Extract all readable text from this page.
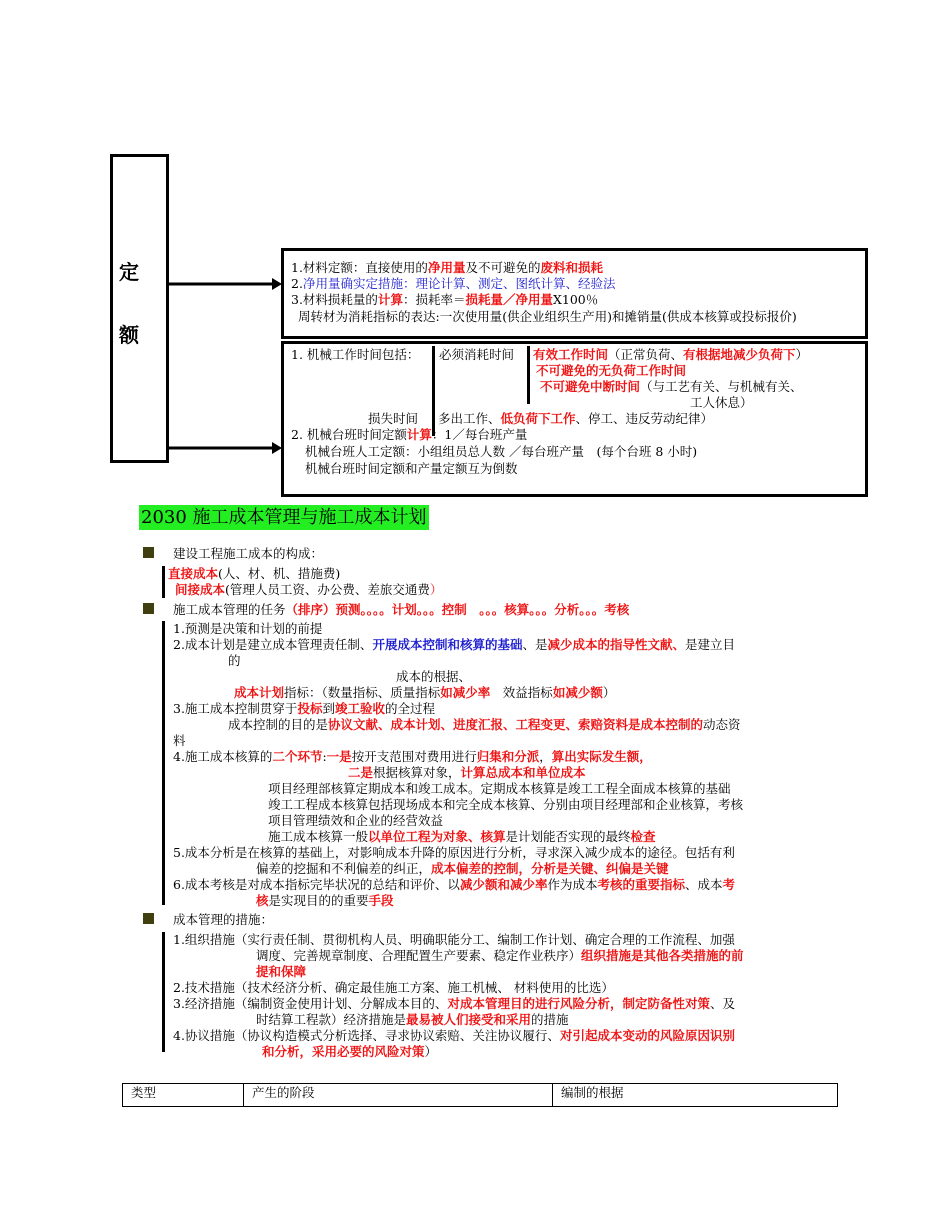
定
额
1.材料定额：直接使用的净用量及不可避免的废料和损耗
2.净用量确实定措施：理论计算、测定、图纸计算、经验法
3.材料损耗量的计算：损耗率＝损耗量／净用量X100％
周转材为消耗指标的表达:一次使用量(供企业组织生产用)和摊销量(供成本核算或投标报价)
1. 机械工作时间包括： 必须消耗时间 有效工作时间（正常负荷、有根据地减少负荷下）
不可避免的无负荷工作时间
不可避免中断时间（与工艺有关、与机械有关、
工人休息）
损失时间 多出工作、低负荷下工作、停工、违反劳动纪律）
2. 机械台班时间定额计算：1／每台班产量
机械台班人工定额：小组组员总人数 ／每台班产量　(每个台班 8 小时)
机械台班时间定额和产量定额互为倒数
2030 施工成本管理与施工成本计划
建设工程施工成本的构成：
直接成本(人、材、机、措施费)
间接成本(管理人员工资、办公费、差旅交通费）
施工成本管理的任务（排序）预测。。。。计划。。。控制　。。。核算。。。分析。。。考核
1.预测是决策和计划的前提
2.成本计划是建立成本管理责任制、开展成本控制和核算的基础、是减少成本的指导性文献、是建立目
的
成本的根据、
成本计划指标：（数量指标、质量指标如减少率　效益指标如减少额）
3.施工成本控制贯穿于投标到竣工验收的全过程
成本控制的目的是协议文献、成本计划、进度汇报、工程变更、索赔资料是成本控制的动态资
料
4.施工成本核算的二个环节:一是按开支范围对费用进行归集和分派，算出实际发生额，
二是根据核算对象，计算总成本和单位成本
项目经理部核算定期成本和竣工成本。定期成本核算是竣工工程全面成本核算的基础
竣工工程成本核算包括现场成本和完全成本核算、分别由项目经理部和企业核算，考核
项目管理绩效和企业的经营效益
施工成本核算一般以单位工程为对象、核算是计划能否实现的最终检查
5.成本分析是在核算的基础上，对影响成本升降的原因进行分析，寻求深入减少成本的途径。包括有利
偏差的挖掘和不利偏差的纠正，成本偏差的控制，分析是关键、纠偏是关键
6.成本考核是对成本指标完毕状况的总结和评价、以减少额和减少率作为成本考核的重要指标、成本考
核是实现目的的重要手段
成本管理的措施：
1.组织措施（实行责任制、贯彻机构人员、明确职能分工、编制工作计划、确定合理的工作流程、加强
调度、完善规章制度、合理配置生产要素、稳定作业秩序）组织措施是其他各类措施的前
提和保障
2.技术措施（技术经济分析、确定最佳施工方案、施工机械、 材料使用的比选）
3.经济措施（编制资金使用计划、分解成本目的、对成本管理目的进行风险分析，制定防备性对策、及
时结算工程款）经济措施是最易被人们接受和采用的措施
4.协议措施（协议构造模式分析选择、寻求协议索赔、关注协议履行、对引起成本变动的风险原因识别
和分析，采用必要的风险对策）
类型	产生的阶段	编制的根据
